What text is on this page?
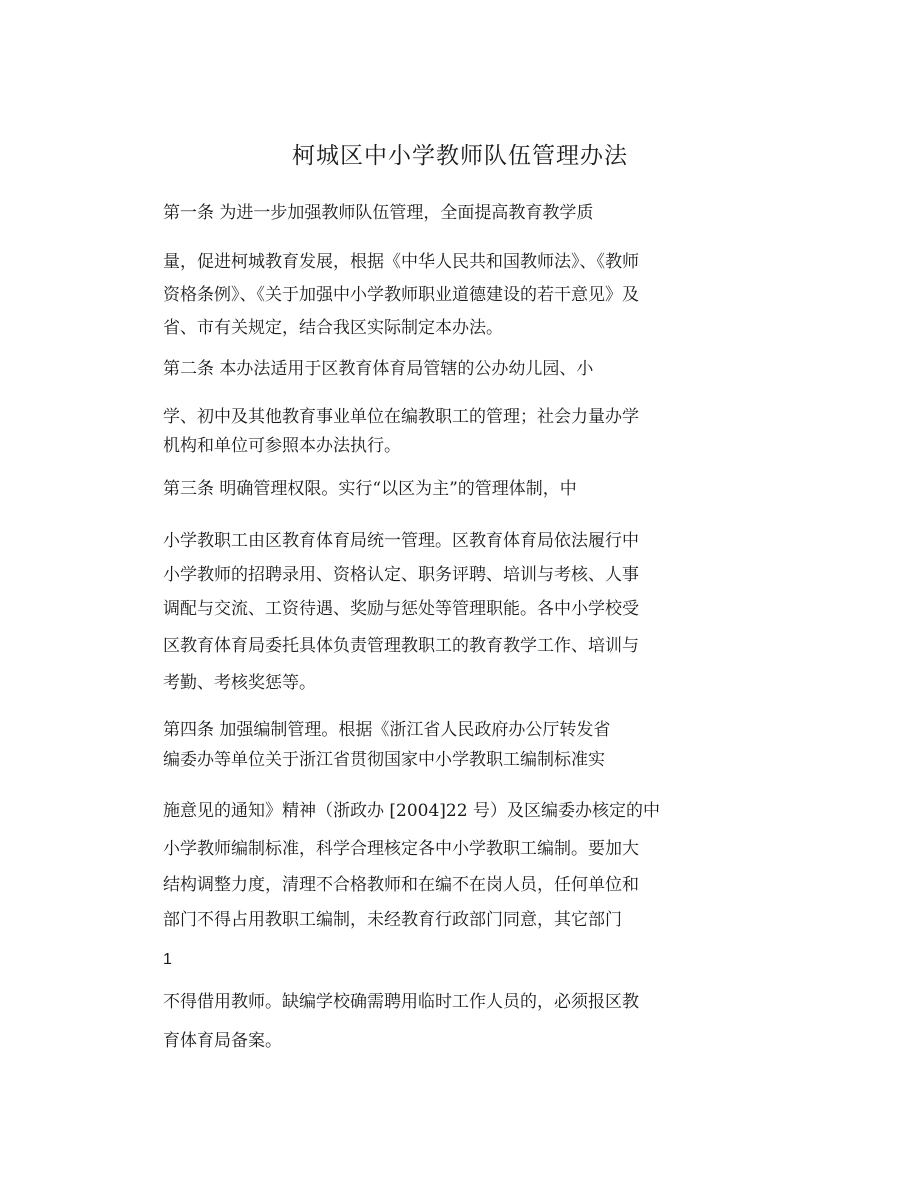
柯城区中小学教师队伍管理办法
第一条 为进一步加强教师队伍管理，全面提高教育教学质
量，促进柯城教育发展，根据《中华人民共和国教师法》、《教师
资格条例》、《关于加强中小学教师职业道德建设的若干意见》及
省、市有关规定，结合我区实际制定本办法。
第二条 本办法适用于区教育体育局管辖的公办幼儿园、小
学、初中及其他教育事业单位在编教职工的管理；社会力量办学
机构和单位可参照本办法执行。
第三条 明确管理权限。实行“以区为主”的管理体制，中
小学教职工由区教育体育局统一管理。区教育体育局依法履行中
小学教师的招聘录用、资格认定、职务评聘、培训与考核、人事
调配与交流、工资待遇、奖励与惩处等管理职能。各中小学校受
区教育体育局委托具体负责管理教职工的教育教学工作、培训与
考勤、考核奖惩等。
第四条 加强编制管理。根据《浙江省人民政府办公厅转发省
编委办等单位关于浙江省贯彻国家中小学教职工编制标准实
施意见的通知》精神（浙政办 [2004]22 号）及区编委办核定的中
小学教师编制标准，科学合理核定各中小学教职工编制。要加大
结构调整力度，清理不合格教师和在编不在岗人员，任何单位和
部门不得占用教职工编制，未经教育行政部门同意，其它部门
1
不得借用教师。缺编学校确需聘用临时工作人员的，必须报区教
育体育局备案。
